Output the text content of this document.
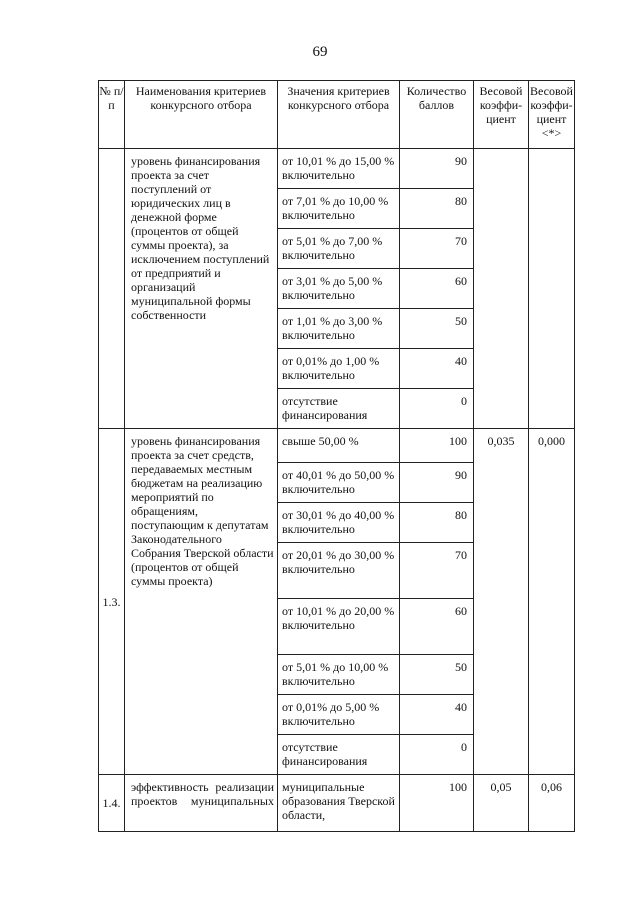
69
№ п/п	Наименования критериев конкурсного отбора	Значения критериев конкурсного отбора	Количество баллов	Весовой коэффи-циент	Весовой коэффи-циент <*>
	уровень финансирования проекта за счет поступлений от юридических лиц в денежной форме (процентов от общей суммы проекта), за исключением поступлений от предприятий и организаций муниципальной формы собственности	от 10,01 % до 15,00 % включительно	90		
		от 7,01 % до 10,00 % включительно	80		
		от 5,01 % до 7,00 % включительно	70		
		от 3,01 % до 5,00 % включительно	60		
		от 1,01 % до 3,00 % включительно	50		
		от 0,01% до 1,00 % включительно	40		
		отсутствие финансирования	0		
1.3.	уровень финансирования проекта за счет средств, передаваемых местным бюджетам на реализацию мероприятий по обращениям, поступающим к депутатам Законодательного Собрания Тверской области (процентов от общей суммы проекта)	свыше 50,00 %	100	0,035	0,000
		от 40,01 % до 50,00 % включительно	90		
		от 30,01 % до 40,00 % включительно	80		
		от 20,01 % до 30,00 % включительно	70		
		от 10,01 % до 20,00 % включительно	60		
		от 5,01 % до 10,00 % включительно	50		
		от 0,01% до 5,00 % включительно	40		
		отсутствие финансирования	0		
1.4.	эффективность реализации проектов муниципальных	муниципальные образования Тверской области,	100	0,05	0,06
